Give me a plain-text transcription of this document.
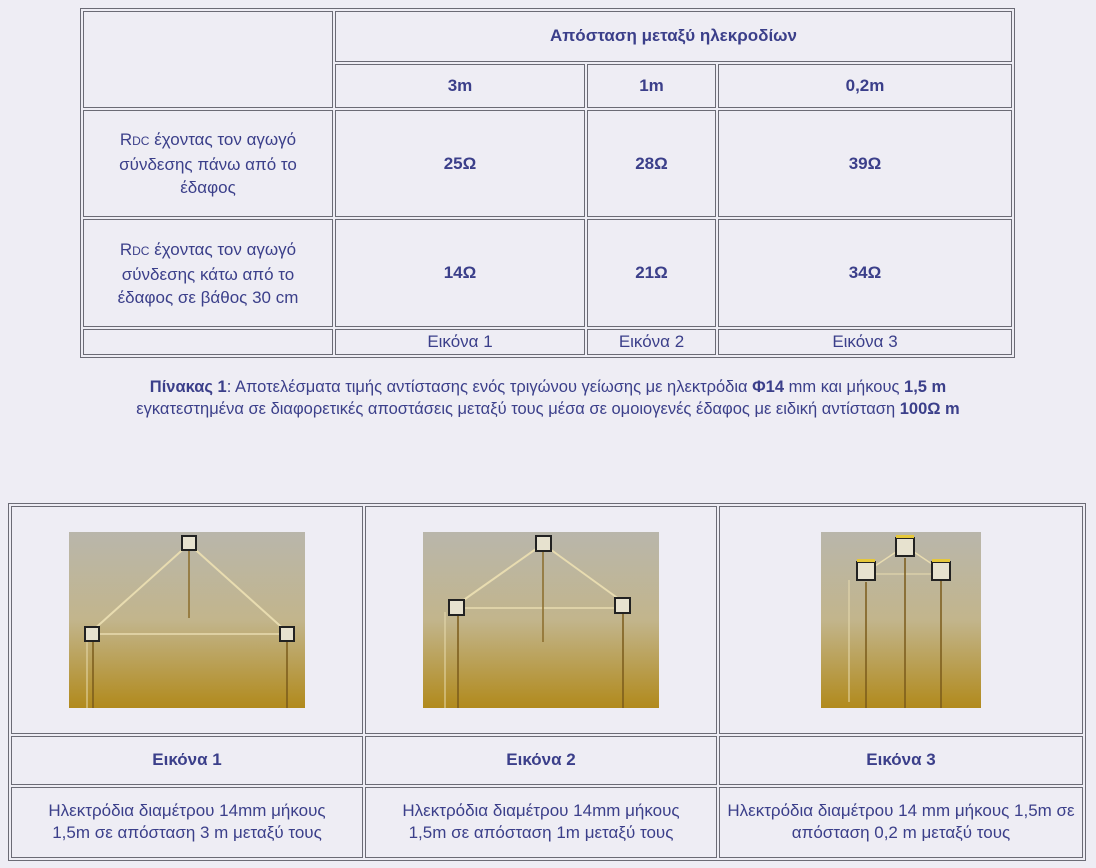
	Απόσταση μεταξύ ηλεκροδίων		
	3m	1m	0,2m

RDC έχοντας τον αγωγό σύνδεσης πάνω από το έδαφος	25Ω	28Ω	39Ω

RDC έχοντας τον αγωγό σύνδεσης κάτω από το έδαφος σε βάθος 30 cm	14Ω	21Ω	34Ω
	Εικόνα 1	Εικόνα 2	Εικόνα 3
Πίνακας 1: Αποτελέσματα τιμής αντίστασης ενός τριγώνου γείωσης με ηλεκτρόδια Φ14 mm και μήκους 1,5 m
εγκατεστημένα σε διαφορετικές αποστάσεις μεταξύ τους μέσα σε ομοιογενές έδαφος με ειδική αντίσταση 100Ω m

Εικόνα 1	Εικόνα 2	Εικόνα 3

Ηλεκτρόδια διαμέτρου 14mm μήκους 1,5m σε απόσταση 3 m μεταξύ τους	Ηλεκτρόδια διαμέτρου 14mm μήκους 1,5m σε απόσταση 1m μεταξύ τους	Ηλεκτρόδια διαμέτρου 14 mm μήκους 1,5m σε απόσταση 0,2 m μεταξύ τους
